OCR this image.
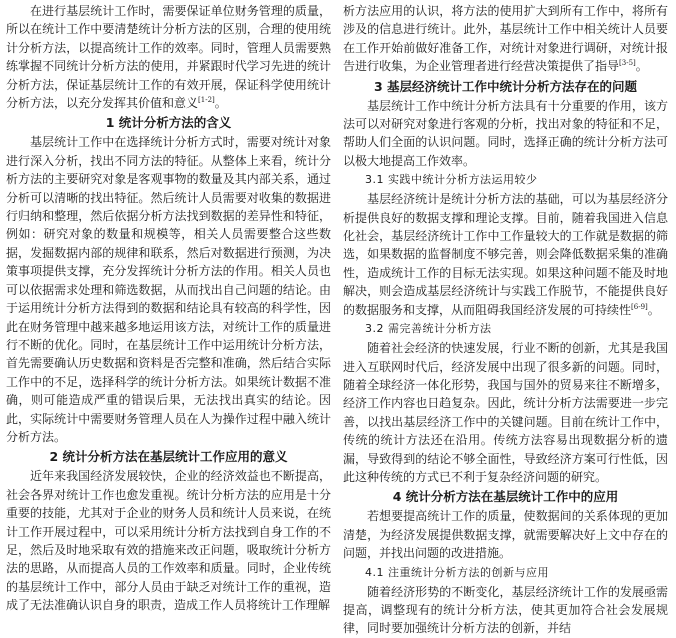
在进行基层统计工作时，需要保证单位财务管理的质量，所以在统计工作中要清楚统计分析方法的区别，合理的使用统计分析方法，以提高统计工作的效率。同时，管理人员需要熟练掌握不同统计分析方法的使用，并紧跟时代学习先进的统计分析方法，保证基层统计工作的有效开展，保证科学使用统计分析方法，以充分发挥其价值和意义[1-2]。

1 统计分析方法的含义

基层统计工作中在选择统计分析方式时，需要对统计对象进行深入分析，找出不同方法的特征。从整体上来看，统计分析方法的主要研究对象是客观事物的数量及其内部关系，通过分析可以清晰的找出特征。然后统计人员需要对收集的数据进行归纳和整理，然后依据分析方法找到数据的差异性和特征，例如：研究对象的数量和规模等，相关人员需要整合这些数据，发掘数据内部的规律和联系，然后对数据进行预测，为决策事项提供支撑，充分发挥统计分析方法的作用。相关人员也可以依据需求处理和筛选数据，从而找出自己问题的结论。由于运用统计分析方法得到的数据和结论具有较高的科学性，因此在财务管理中越来越多地运用该方法，对统计工作的质量进行不断的优化。同时，在基层统计工作中运用统计分析方法，首先需要确认历史数据和资料是否完整和准确，然后结合实际工作中的不足，选择科学的统计分析方法。如果统计数据不准确，则可能造成严重的错误后果，无法找出真实的结论。因此，实际统计中需要财务管理人员在人为操作过程中融入统计分析方法。

2 统计分析方法在基层统计工作应用的意义

近年来我国经济发展较快，企业的经济效益也不断提高，社会各界对统计工作也愈发重视。统计分析方法的应用是十分重要的技能，尤其对于企业的财务人员和统计人员来说，在统计工作开展过程中，可以采用统计分析方法找到自身工作的不足，然后及时地采取有效的措施来改正问题，吸取统计分析方法的思路，从而提高人员的工作效率和质量。同时，企业传统的基层统计工作中，部分人员由于缺乏对统计工作的重视，造成了无法准确认识自身的职责，造成工作人员将统计工作理解

析方法应用的认识，将方法的使用扩大到所有工作中，将所有涉及的信息进行统计。此外，基层统计工作中相关统计人员要在工作开始前做好准备工作，对统计对象进行调研，对统计报告进行收集，为企业管理者进行经营决策提供了指导[3-5]。

3 基层经济统计工作中统计分析方法存在的问题

基层统计工作中统计分析方法具有十分重要的作用，该方法可以对研究对象进行客观的分析，找出对象的特征和不足，帮助人们全面的认识问题。同时，选择正确的统计分析方法可以极大地提高工作效率。

3.1 实践中统计分析方法运用较少

基层经济统计是统计分析方法的基础，可以为基层经济分析提供良好的数据支撑和理论支撑。目前，随着我国进入信息化社会，基层经济统计工作中工作量较大的工作就是数据的筛选，如果数据的监督制度不够完善，则会降低数据采集的准确性，造成统计工作的目标无法实现。如果这种问题不能及时地解决，则会造成基层经济统计与实践工作脱节，不能提供良好的数据服务和支撑，从而阻碍我国经济发展的可持续性[6-9]。

3.2 需完善统计分析方法

随着社会经济的快速发展，行业不断的创新，尤其是我国进入互联网时代后，经济发展中出现了很多新的问题。同时，随着全球经济一体化形势，我国与国外的贸易来往不断增多，经济工作内容也日趋复杂。因此，统计分析方法需要进一步完善，以找出基层经济工作中的关键问题。目前在统计工作中，传统的统计方法还在沿用。传统方法容易出现数据分析的遗漏，导致得到的结论不够全面性，导致经济方案可行性低，因此这种传统的方式已不利于复杂经济问题的研究。

4 统计分析方法在基层统计工作中的应用

若想要提高统计工作的质量，使数据间的关系体现的更加清楚，为经济发展提供数据支撑，就需要解决好上文中存在的问题，并找出问题的改进措施。

4.1 注重统计分析方法的创新与应用

随着经济形势的不断变化，基层经济统计工作的发展亟需提高，调整现有的统计分析方法，使其更加符合社会发展规律，同时要加强统计分析方法的创新，并结
